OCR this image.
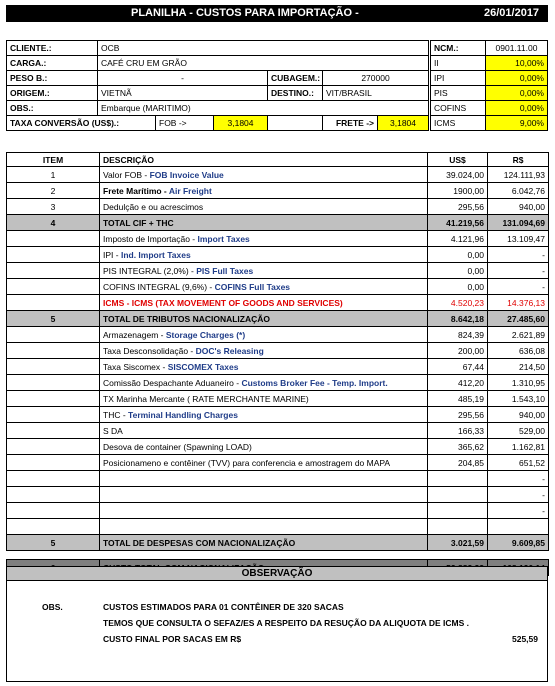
PLANILHA - CUSTOS PARA IMPORTAÇÃO -	26/01/2017
CLIENTE.:	OCB
CARGA.:	CAFÉ CRU EM GRÃO
PESO B.:	-	CUBAGEM.:	270000
ORIGEM.:	VIETNÃ	DESTINO.:	VIT/BRASIL
OBS.:	Embarque (MARITIMO)
TAXA CONVERSÃO (US$).:	FOB ->	3,1804	FRETE ->	3,1804
NCM.:	0901.11.00
II	10,00%
IPI	0,00%
PIS	0,00%
COFINS	0,00%
ICMS	9,00%
ITEM	DESCRIÇÃO	US$	R$
1	Valor FOB - FOB Invoice Value	39.024,00	124.111,93
2	Frete Marítimo - Air Freight	1900,00	6.042,76
3	Dedulção e ou acrescimos	295,56	940,00
4	TOTAL CIF + THC	41.219,56	131.094,69
	Imposto de Importação - Import Taxes	4.121,96	13.109,47
	IPI - Ind. Import Taxes	0,00	-
	PIS INTEGRAL (2,0%) - PIS Full Taxes	0,00	-
	COFINS INTEGRAL (9,6%) - COFINS Full Taxes	0,00	-
	ICMS - ICMS (TAX MOVEMENT OF GOODS AND SERVICES)	4.520,23	14.376,13
5	TOTAL DE TRIBUTOS NACIONALIZAÇÃO	8.642,18	27.485,60
	Armazenagem - Storage Charges (*)	824,39	2.621,89
	Taxa Desconsolidação - DOC's Releasing	200,00	636,08
	Taxa Siscomex - SISCOMEX Taxes	67,44	214,50
	Comissão Despachante Aduaneiro - Customs Broker Fee - Temp. Import.	412,20	1.310,95
	TX Marinha Mercante ( RATE MERCHANTE MARINE)	485,19	1.543,10
	THC - Terminal Handling Charges	295,56	940,00
	S DA	166,33	529,00
	Desova de container (Spawning LOAD)	365,62	1.162,81
	Posicionameno e contêiner (TVV) para conferencia e amostragem do MAPA	204,85	651,52
			-
			-
			-

5	TOTAL DE DESPESAS COM NACIONALIZAÇÃO	3.021,59	9.609,85

OBSERVAÇÃO
OBS.	CUSTOS ESTIMADOS PARA 01 CONTÊINER DE 320 SACAS
TEMOS QUE CONSULTA O SEFAZ/ES A RESPEITO DA RESUÇÃO DA ALIQUOTA DE ICMS .
CUSTO FINAL POR SACAS EM R$	525,59
